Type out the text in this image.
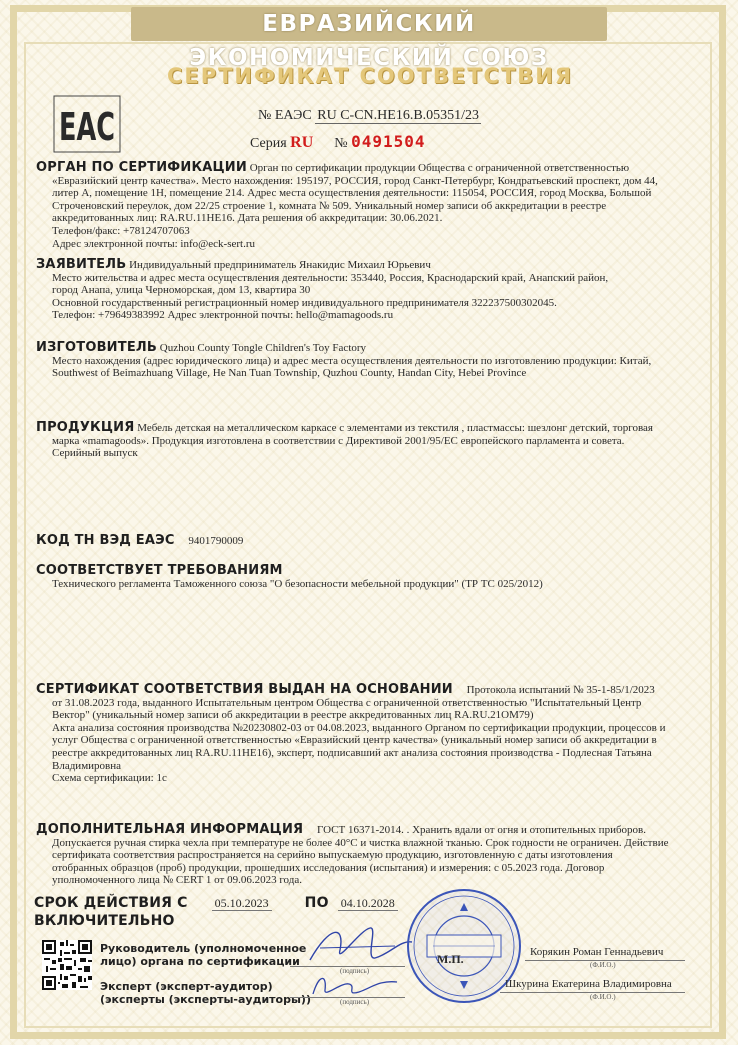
ЕВРАЗИЙСКИЙ ЭКОНОМИЧЕСКИЙ СОЮЗ
СЕРТИФИКАТ СООТВЕТСТВИЯ
ЕАС	№ ЕАЭС RU C-CN.НЕ16.В.05351/23
Серия RU № 0491504
ОРГАН ПО СЕРТИФИКАЦИИ Орган по сертификации продукции Общества с ограниченной ответственностью
«Евразийский центр качества». Место нахождения: 195197, РОССИЯ, город Санкт-Петербург, Кондратьевский проспект, дом 44,
литер А, помещение 1Н, помещение 214. Адрес места осуществления деятельности: 115054, РОССИЯ, город Москва, Большой
Строченовский переулок, дом 22/25 строение 1, комната № 509. Уникальный номер записи об аккредитации в реестре
аккредитованных лиц: RA.RU.11НЕ16. Дата решения об аккредитации: 30.06.2021.
Телефон/факс: +78124707063
Адрес электронной почты: info@eck-sert.ru
ЗАЯВИТЕЛЬ Индивидуальный предприниматель Янакидис Михаил Юрьевич
Место жительства и адрес места осуществления деятельности: 353440, Россия, Краснодарский край, Анапский район,
город Анапа, улица Черноморская, дом 13, квартира 30
Основной государственный регистрационный номер индивидуального предпринимателя 322237500302045.
Телефон: +79649383992 Адрес электронной почты: hello@mamagoods.ru
ИЗГОТОВИТЕЛЬ Quzhou County Tongle Children's Toy Factory
Место нахождения (адрес юридического лица) и адрес места осуществления деятельности по изготовлению продукции: Китай,
Southwest of Beimazhuang Village, He Nan Tuan Township, Quzhou County, Handan City, Hebei Province
ПРОДУКЦИЯ Мебель детская на металлическом каркасе с элементами из текстиля , пластмассы: шезлонг детский, торговая
марка «mamagoods». Продукция изготовлена в соответствии с Директивой 2001/95/ЕС европейского парламента и совета.
Серийный выпуск
КОД ТН ВЭД ЕАЭС 9401790009
СООТВЕТСТВУЕТ ТРЕБОВАНИЯМ
Технического регламента Таможенного союза "О безопасности мебельной продукции" (ТР ТС 025/2012)
СЕРТИФИКАТ СООТВЕТСТВИЯ ВЫДАН НА ОСНОВАНИИ Протокола испытаний № 35-1-85/1/2023
от 31.08.2023 года, выданного Испытательным центром Общества с ограниченной ответственностью "Испытательный Центр
Вектор" (уникальный номер записи об аккредитации в реестре аккредитованных лиц RA.RU.21ОМ79)
Акта анализа состояния производства №20230802-03 от 04.08.2023, выданного Органом по сертификации продукции, процессов и
услуг Общества с ограниченной ответственностью «Евразийский центр качества» (уникальный номер записи об аккредитации в
реестре аккредитованных лиц RA.RU.11НЕ16), эксперт, подписавший акт анализа состояния производства - Подлесная Татьяна
Владимировна
Схема сертификации: 1с
ДОПОЛНИТЕЛЬНАЯ ИНФОРМАЦИЯ ГОСТ 16371-2014. . Хранить вдали от огня и отопительных приборов.
Допускается ручная стирка чехла при температуре не более 40°С и чистка влажной тканью. Срок годности не ограничен. Действие
сертификата соответствия распространяется на серийно выпускаемую продукцию, изготовленную с даты изготовления
отобранных образцов (проб) продукции, прошедших исследования (испытания) и измерения: с 05.2023 года. Договор
уполномоченного лица № CERT 1 от 09.06.2023 года.
СРОК ДЕЙСТВИЯ С 05.10.2023	ПО 04.10.2028
ВКЛЮЧИТЕЛЬНО
Руководитель (уполномоченное
лицо) органа по сертификации
Эксперт (эксперт-аудитор)
(эксперты (эксперты-аудиторы))
(подпись)
(подпись)
М.П.	Корякин Роман Геннадьевич
(Ф.И.О.)
Шкурина Екатерина Владимировна
(Ф.И.О.)
